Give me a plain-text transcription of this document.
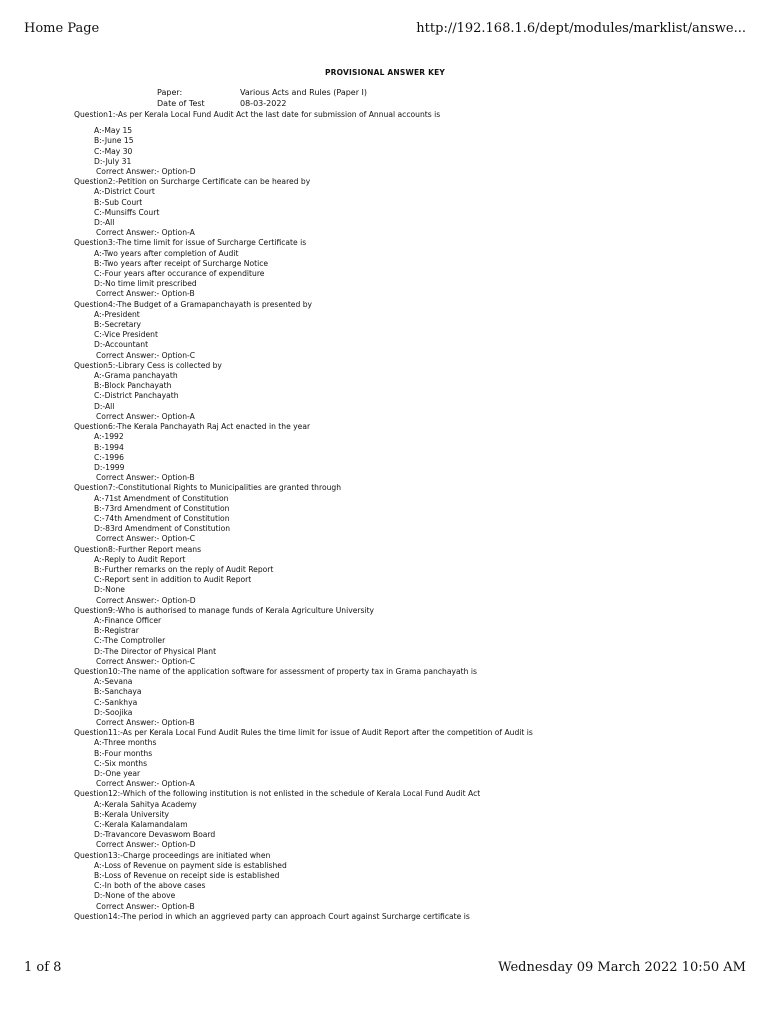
Home Page	http://192.168.1.6/dept/modules/marklist/answe...
PROVISIONAL ANSWER KEY
Paper:	Various Acts and Rules (Paper I)
Date of Test	08-03-2022
Question1:-As per Kerala Local Fund Audit Act the last date for submission of Annual accounts is
A:-May 15
B:-June 15
C:-May 30
D:-July 31
Correct Answer:- Option-D
Question2:-Petition on Surcharge Certificate can be heared by
A:-District Court
B:-Sub Court
C:-Munsiffs Court
D:-All
Correct Answer:- Option-A
Question3:-The time limit for issue of Surcharge Certificate is
A:-Two years after completion of Audit
B:-Two years after receipt of Surcharge Notice
C:-Four years after occurance of expenditure
D:-No time limit prescribed
Correct Answer:- Option-B
Question4:-The Budget of a Gramapanchayath is presented by
A:-President
B:-Secretary
C:-Vice President
D:-Accountant
Correct Answer:- Option-C
Question5:-Library Cess is collected by
A:-Grama panchayath
B:-Block Panchayath
C:-District Panchayath
D:-All
Correct Answer:- Option-A
Question6:-The Kerala Panchayath Raj Act enacted in the year
A:-1992
B:-1994
C:-1996
D:-1999
Correct Answer:- Option-B
Question7:-Constitutional Rights to Municipalities are granted through
A:-71st Amendment of Constitution
B:-73rd Amendment of Constitution
C:-74th Amendment of Constitution
D:-83rd Amendment of Constitution
Correct Answer:- Option-C
Question8:-Further Report means
A:-Reply to Audit Report
B:-Further remarks on the reply of Audit Report
C:-Report sent in addition to Audit Report
D:-None
Correct Answer:- Option-D
Question9:-Who is authorised to manage funds of Kerala Agriculture University
A:-Finance Officer
B:-Registrar
C:-The Comptroller
D:-The Director of Physical Plant
Correct Answer:- Option-C
Question10:-The name of the application software for assessment of property tax in Grama panchayath is
A:-Sevana
B:-Sanchaya
C:-Sankhya
D:-Soojika
Correct Answer:- Option-B
Question11:-As per Kerala Local Fund Audit Rules the time limit for issue of Audit Report after the competition of Audit is
A:-Three months
B:-Four months
C:-Six months
D:-One year
Correct Answer:- Option-A
Question12:-Which of the following institution is not enlisted in the schedule of Kerala Local Fund Audit Act
A:-Kerala Sahitya Academy
B:-Kerala University
C:-Kerala Kalamandalam
D:-Travancore Devaswom Board
Correct Answer:- Option-D
Question13:-Charge proceedings are initiated when
A:-Loss of Revenue on payment side is established
B:-Loss of Revenue on receipt side is established
C:-In both of the above cases
D:-None of the above
Correct Answer:- Option-B
Question14:-The period in which an aggrieved party can approach Court against Surcharge certificate is
1 of 8	Wednesday 09 March 2022 10:50 AM
